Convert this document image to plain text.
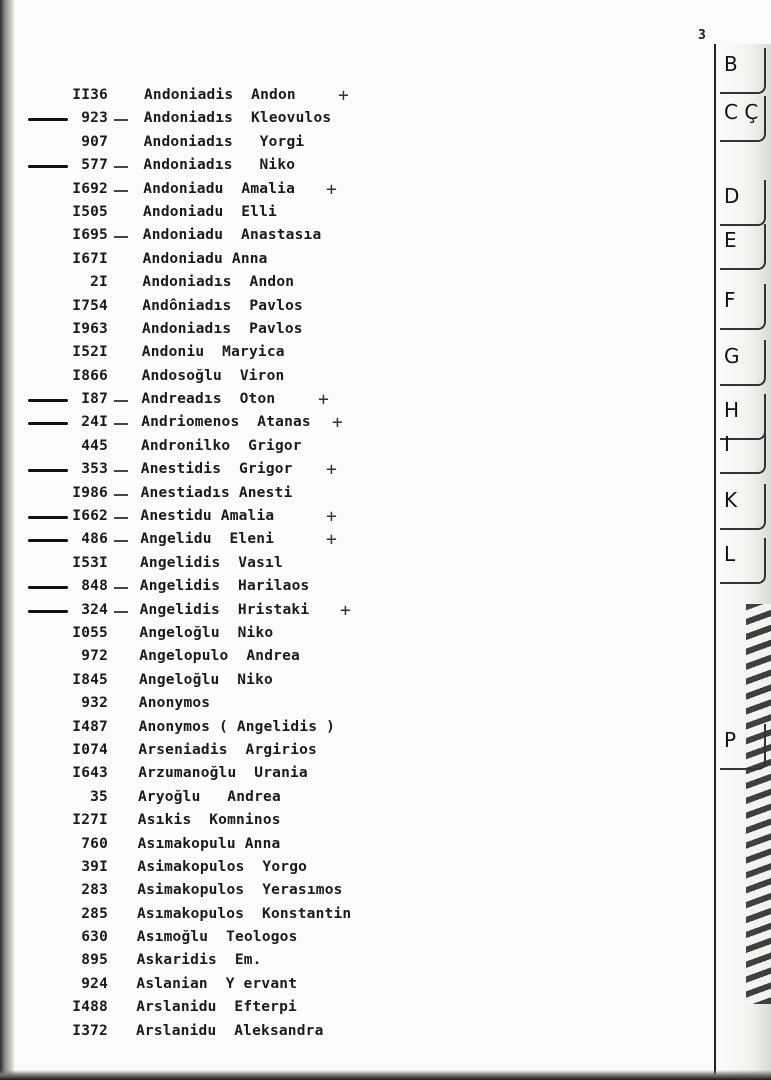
3
II36 Andoniadis  Andon +
923 Andoniadıs  Kleovulos
907 Andoniadıs   Yorgi
577 Andoniadıs   Niko
I692 Andoniadu  Amalia +
I505 Andoniadu  Elli
I695 Andoniadu  Anastasıa
I67I Andoniadu Anna
2I Andoniadıs  Andon
I754 Andôniadıs  Pavlos
I963 Andoniadıs  Pavlos
I52I Andoniu  Maryica
I866 Andosoğlu  Viron
I87 Andreadıs  Oton +
24I Andriomenos  Atanas +
445 Andronilko  Grigor
353 Anestidis  Grigor +
I986 Anestiadıs Anesti
I662 Anestidu Amalia	+
486 Angelidu  Eleni	+
I53I Angelidis  Vasıl
848 Angelidis  Harilaos
324 Angelidis  Hristaki +
I055 Angeloğlu  Niko
972 Angelopulo  Andrea
I845 Angeloğlu  Niko
932 Anonymos
I487 Anonymos ( Angelidis )
I074 Arseniadis  Argirios
I643 Arzumanoğlu  Urania
35 Aryoğlu   Andrea
I27I Asıkis  Komninos
760 Asımakopulu Anna
39I Asimakopulos  Yorgo
283 Asimakopulos  Yerasımos
285 Asımakopulos  Konstantin
630 Asımoğlu  Teologos
895 Askaridis  Em.
924 Aslanian  Y ervant
I488 Arslanidu  Efterpi
I372 Arslanidu  Aleksandra
B
C Ç
D
E
F
G
H
I
K
L
P
